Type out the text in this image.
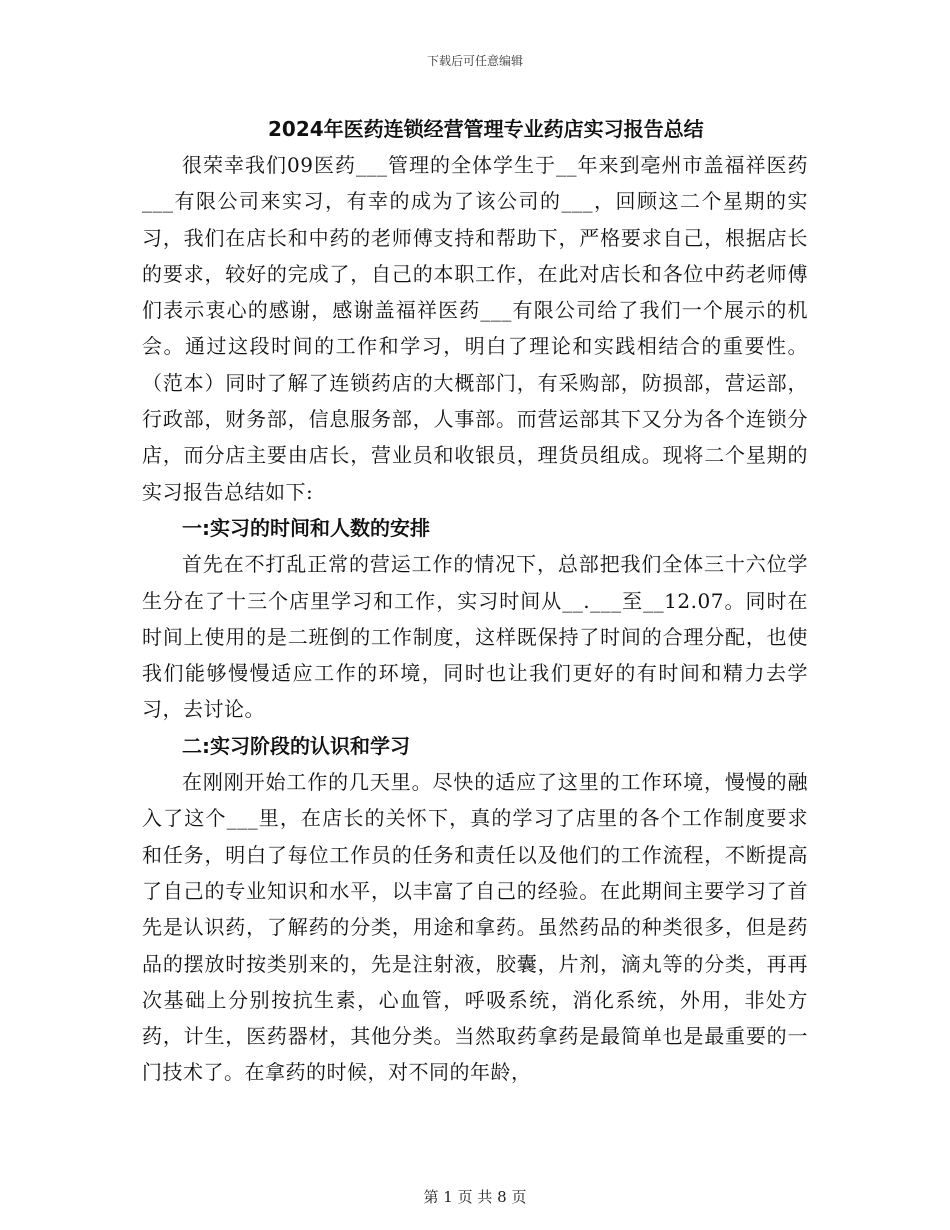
下载后可任意编辑
2024年医药连锁经营管理专业药店实习报告总结

很荣幸我们09医药___管理的全体学生于__年来到亳州市盖福祥医药___有限公司来实习，有幸的成为了该公司的___，回顾这二个星期的实习，我们在店长和中药的老师傅支持和帮助下，严格要求自己，根据店长的要求，较好的完成了，自己的本职工作，在此对店长和各位中药老师傅们表示衷心的感谢，感谢盖福祥医药___有限公司给了我们一个展示的机会。通过这段时间的工作和学习，明白了理论和实践相结合的重要性。（范本）同时了解了连锁药店的大概部门，有采购部，防损部，营运部，行政部，财务部，信息服务部，人事部。而营运部其下又分为各个连锁分店，而分店主要由店长，营业员和收银员，理货员组成。现将二个星期的实习报告总结如下:

一:实习的时间和人数的安排

首先在不打乱正常的营运工作的情况下，总部把我们全体三十六位学生分在了十三个店里学习和工作，实习时间从__.___至__12.07。同时在时间上使用的是二班倒的工作制度，这样既保持了时间的合理分配，也使我们能够慢慢适应工作的环境，同时也让我们更好的有时间和精力去学习，去讨论。

二:实习阶段的认识和学习

在刚刚开始工作的几天里。尽快的适应了这里的工作环境，慢慢的融入了这个___里，在店长的关怀下，真的学习了店里的各个工作制度要求和任务，明白了每位工作员的任务和责任以及他们的工作流程，不断提高了自己的专业知识和水平，以丰富了自己的经验。在此期间主要学习了首先是认识药，了解药的分类，用途和拿药。虽然药品的种类很多，但是药品的摆放时按类别来的，先是注射液，胶囊，片剂，滴丸等的分类，再再次基础上分别按抗生素，心血管，呼吸系统，消化系统，外用，非处方药，计生，医药器材，其他分类。当然取药拿药是最简单也是最重要的一门技术了。在拿药的时候，对不同的年龄，

第 1 页 共 8 页
